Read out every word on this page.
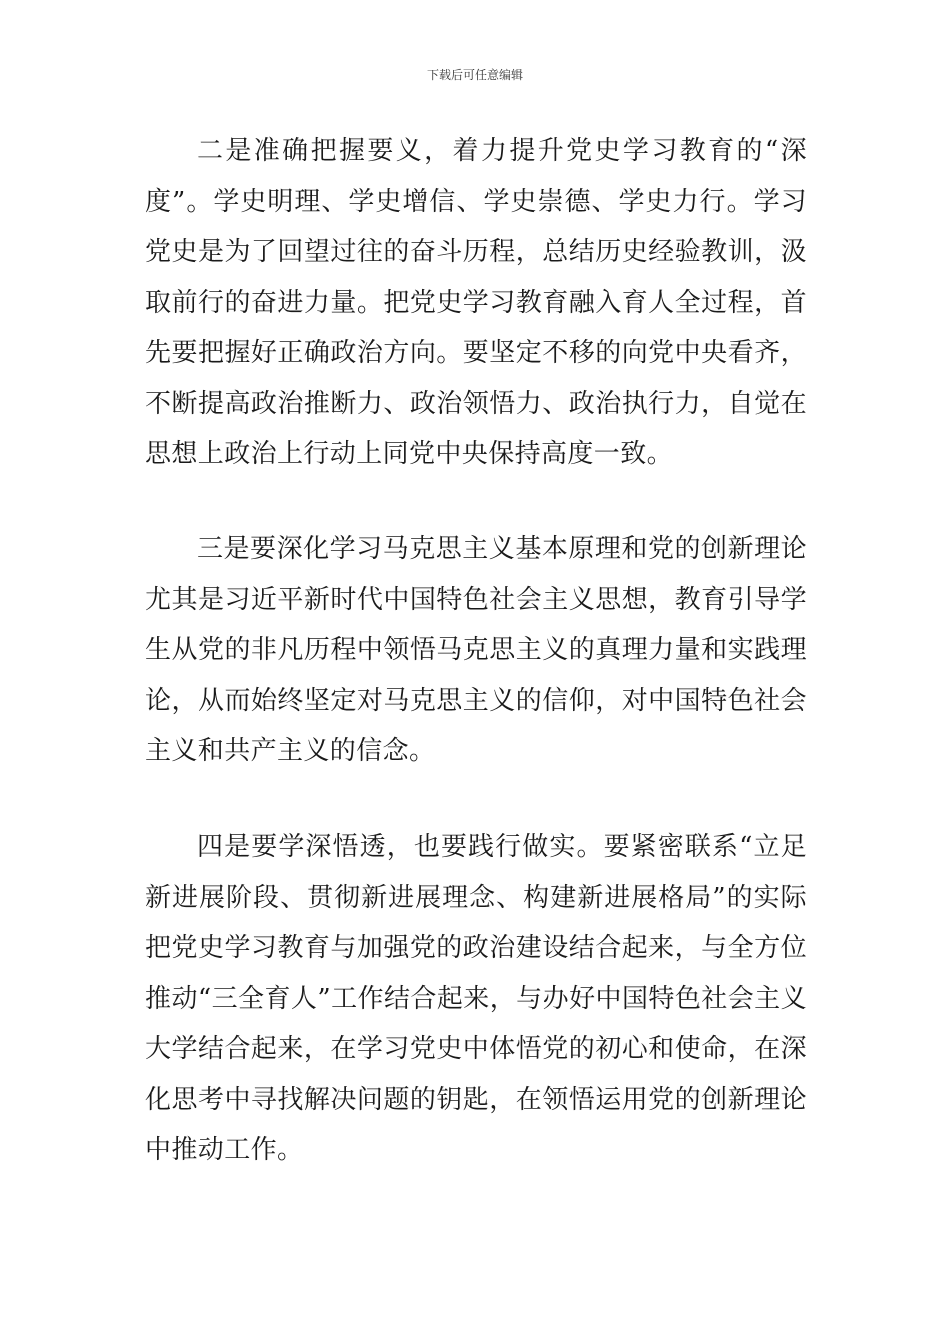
下载后可任意编辑

二是准确把握要义，着力提升党史学习教育的“深度”。学史明理、学史增信、学史崇德、学史力行。学习党史是为了回望过往的奋斗历程，总结历史经验教训，汲取前行的奋进力量。把党史学习教育融入育人全过程，首先要把握好正确政治方向。要坚定不移的向党中央看齐，不断提高政治推断力、政治领悟力、政治执行力，自觉在思想上政治上行动上同党中央保持高度一致。

三是要深化学习马克思主义基本原理和党的创新理论尤其是习近平新时代中国特色社会主义思想，教育引导学生从党的非凡历程中领悟马克思主义的真理力量和实践理论，从而始终坚定对马克思主义的信仰，对中国特色社会主义和共产主义的信念。

四是要学深悟透，也要践行做实。要紧密联系“立足新进展阶段、贯彻新进展理念、构建新进展格局”的实际把党史学习教育与加强党的政治建设结合起来，与全方位推动“三全育人”工作结合起来，与办好中国特色社会主义大学结合起来，在学习党史中体悟党的初心和使命，在深化思考中寻找解决问题的钥匙，在领悟运用党的创新理论中推动工作。
